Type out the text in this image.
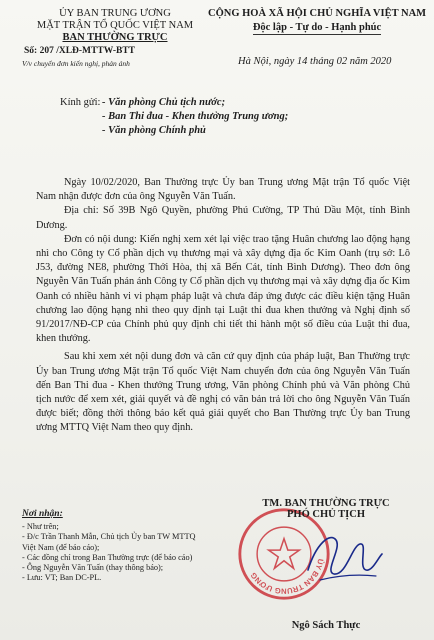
ỦY BAN TRUNG ƯƠNG
MẶT TRẬN TỔ QUỐC VIỆT NAM
BAN THƯỜNG TRỰC
CỘNG HOÀ XÃ HỘI CHỦ NGHĨA VIỆT NAM
Độc lập - Tự do - Hạnh phúc
Số: 207 /XLĐ-MTTW-BTT
V/v chuyển đơn kiến nghị, phản ánh	Hà Nội, ngày 14 tháng 02 năm 2020
Kính gửi: - Văn phòng Chủ tịch nước;
- Ban Thi đua - Khen thưởng Trung ương;
- Văn phòng Chính phủ

Ngày 10/02/2020, Ban Thường trực Ủy ban Trung ương Mặt trận Tổ quốc Việt Nam nhận được đơn của ông Nguyễn Văn Tuấn.

Địa chỉ: Số 39B Ngô Quyền, phường Phú Cường, TP Thủ Dầu Một, tỉnh Bình Dương.

Đơn có nội dung: Kiến nghị xem xét lại việc trao tặng Huân chương lao động hạng nhì cho Công ty Cổ phần dịch vụ thương mại và xây dựng địa ốc Kim Oanh (trụ sở: Lô J53, đường NE8, phường Thới Hòa, thị xã Bến Cát, tỉnh Bình Dương). Theo đơn ông Nguyễn Văn Tuấn phản ánh Công ty Cổ phần dịch vụ thương mại và xây dựng địa ốc Kim Oanh có nhiều hành vi vi phạm pháp luật và chưa đáp ứng được các điều kiện tặng Huân chương lao động hạng nhì theo quy định tại Luật thi đua khen thưởng và Nghị định số 91/2017/NĐ-CP của Chính phủ quy định chi tiết thi hành một số điều của Luật thi đua, khen thưởng.

Sau khi xem xét nội dung đơn và căn cứ quy định của pháp luật, Ban Thường trực Ủy ban Trung ương Mặt trận Tổ quốc Việt Nam chuyển đơn của ông Nguyễn Văn Tuấn đến Ban Thi đua - Khen thưởng Trung ương, Văn phòng Chính phủ và Văn phòng Chủ tịch nước để xem xét, giải quyết và đề nghị có văn bản trả lời cho ông Nguyễn Văn Tuấn được biết; đồng thời thông báo kết quả giải quyết cho Ban Thường trực Ủy ban Trung ương MTTQ Việt Nam theo quy định.

Nơi nhận:
- Như trên;
- Đ/c Trần Thanh Mẫn, Chủ tịch Ủy ban TW MTTQ Việt Nam (để báo cáo);
- Các đồng chí trong Ban Thường trực (để báo cáo)
- Ông Nguyễn Văn Tuấn (thay thông báo);
- Lưu: VT; Ban DC-PL.
ỦY BAN TRUNG ƯƠNG
TM. BAN THƯỜNG TRỰC
PHÓ CHỦ TỊCH
Ngô Sách Thực
